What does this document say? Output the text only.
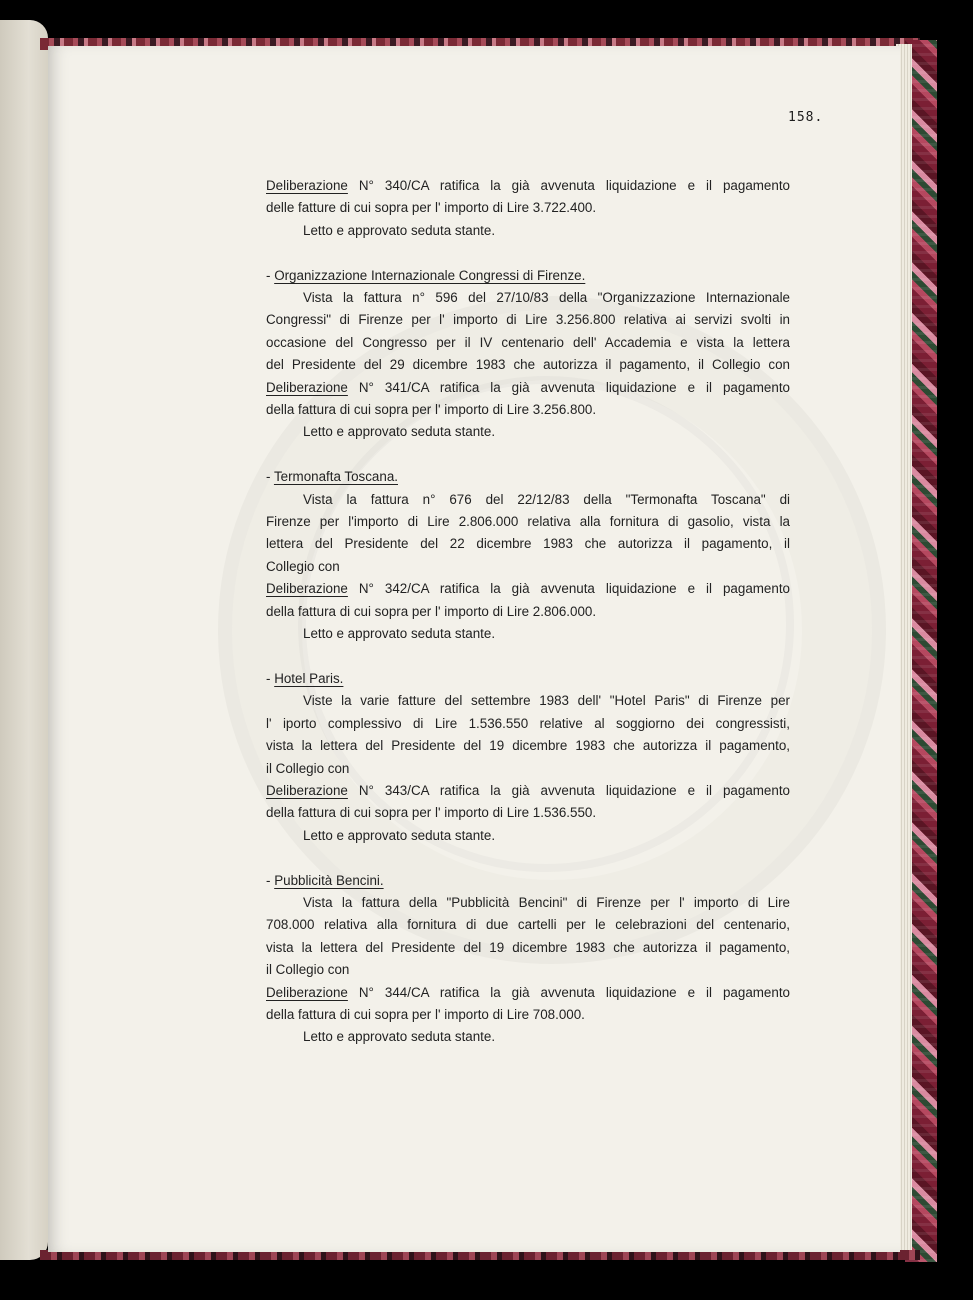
158.
Deliberazione N° 340/CA ratifica la già avvenuta liquidazione e il pagamento
delle fatture di cui sopra per l' importo di Lire 3.722.400.
Letto e approvato seduta stante.
- Organizzazione Internazionale Congressi di Firenze.
Vista la fattura n° 596 del 27/10/83 della "Organizzazione Internazionale
Congressi" di Firenze per l' importo di Lire 3.256.800 relativa ai servizi svolti in
occasione del Congresso per il IV centenario dell' Accademia e vista la lettera
del Presidente del 29 dicembre 1983 che autorizza il pagamento, il Collegio con
Deliberazione N° 341/CA ratifica la già avvenuta liquidazione e il pagamento
della fattura di cui sopra per l' importo di Lire 3.256.800.
Letto e approvato seduta stante.
- Termonafta Toscana.
Vista la fattura n° 676 del 22/12/83 della "Termonafta Toscana" di
Firenze per l'importo di Lire 2.806.000 relativa alla fornitura di gasolio, vista la
lettera del Presidente del 22 dicembre 1983 che autorizza il pagamento, il
Collegio con
Deliberazione N° 342/CA ratifica la già avvenuta liquidazione e il pagamento
della fattura di cui sopra per l' importo di Lire 2.806.000.
Letto e approvato seduta stante.
- Hotel Paris.
Viste la varie fatture del settembre 1983 dell' "Hotel Paris" di Firenze per
l' iporto complessivo di Lire 1.536.550 relative al soggiorno dei congressisti,
vista la lettera del Presidente del 19 dicembre 1983 che autorizza il pagamento,
il Collegio con
Deliberazione N° 343/CA ratifica la già avvenuta liquidazione e il pagamento
della fattura di cui sopra per l' importo di Lire 1.536.550.
Letto e approvato seduta stante.
- Pubblicità Bencini.
Vista la fattura della "Pubblicità Bencini" di Firenze per l' importo di Lire
708.000 relativa alla fornitura di due cartelli per le celebrazioni del centenario,
vista la lettera del Presidente del 19 dicembre 1983 che autorizza il pagamento,
il Collegio con
Deliberazione N° 344/CA ratifica la già avvenuta liquidazione e il pagamento
della fattura di cui sopra per l' importo di Lire 708.000.
Letto e approvato seduta stante.
